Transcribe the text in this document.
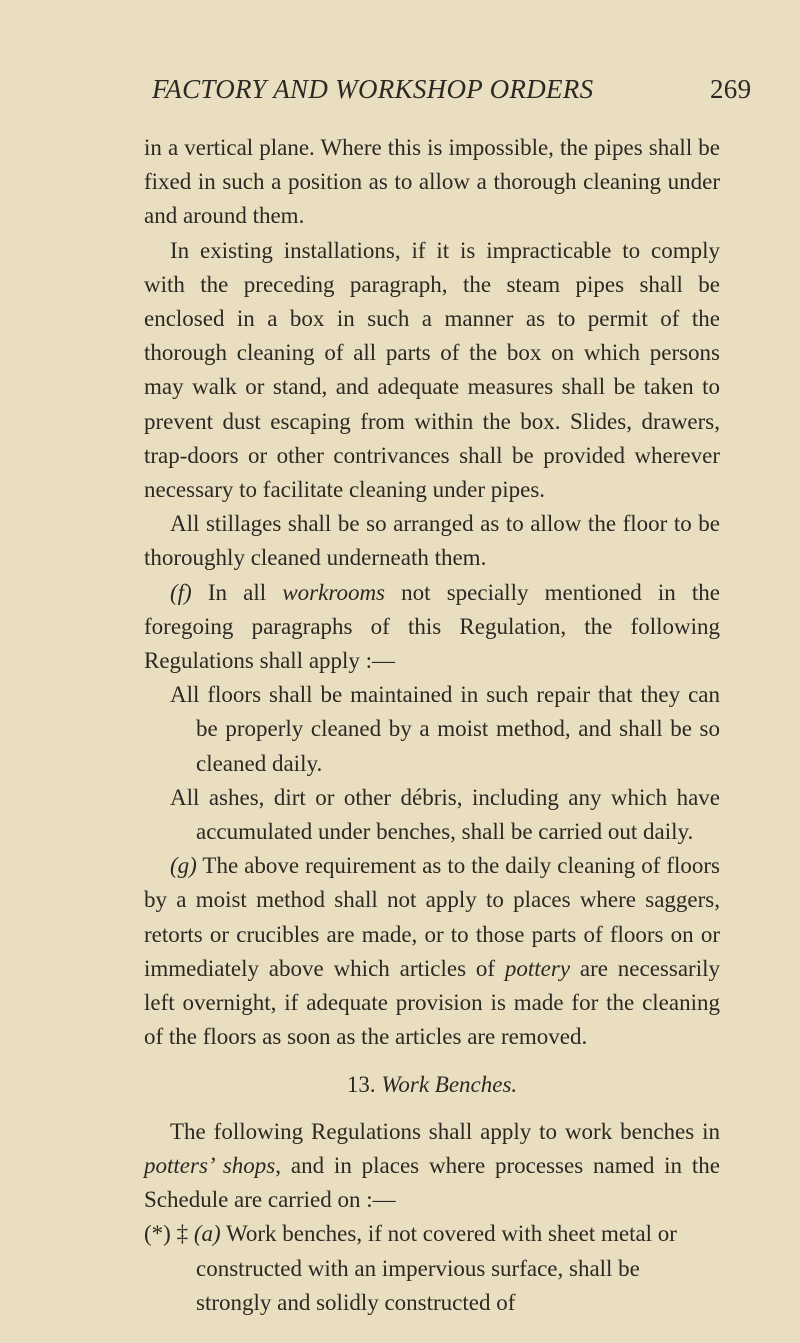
FACTORY AND WORKSHOP ORDERS	269

in a vertical plane. Where this is impossible, the pipes shall be fixed in such a position as to allow a thorough cleaning under and around them.

In existing installations, if it is impracticable to comply with the preceding paragraph, the steam pipes shall be enclosed in a box in such a manner as to permit of the thorough cleaning of all parts of the box on which persons may walk or stand, and adequate measures shall be taken to prevent dust escaping from within the box. Slides, drawers, trap-doors or other contrivances shall be provided wherever necessary to facilitate cleaning under pipes.

All stillages shall be so arranged as to allow the floor to be thoroughly cleaned underneath them.

(f) In all workrooms not specially mentioned in the foregoing paragraphs of this Regulation, the following Regulations shall apply :—

All floors shall be maintained in such repair that they can be properly cleaned by a moist method, and shall be so cleaned daily.

All ashes, dirt or other débris, including any which have accumulated under benches, shall be carried out daily.

(g) The above requirement as to the daily cleaning of floors by a moist method shall not apply to places where saggers, retorts or crucibles are made, or to those parts of floors on or immediately above which articles of pottery are necessarily left overnight, if adequate provision is made for the cleaning of the floors as soon as the articles are removed.

13. Work Benches.

The following Regulations shall apply to work benches in potters’ shops, and in places where processes named in the Schedule are carried on :—

(*) ‡ (a) Work benches, if not covered with sheet metal or constructed with an impervious surface, shall be strongly and solidly constructed of
